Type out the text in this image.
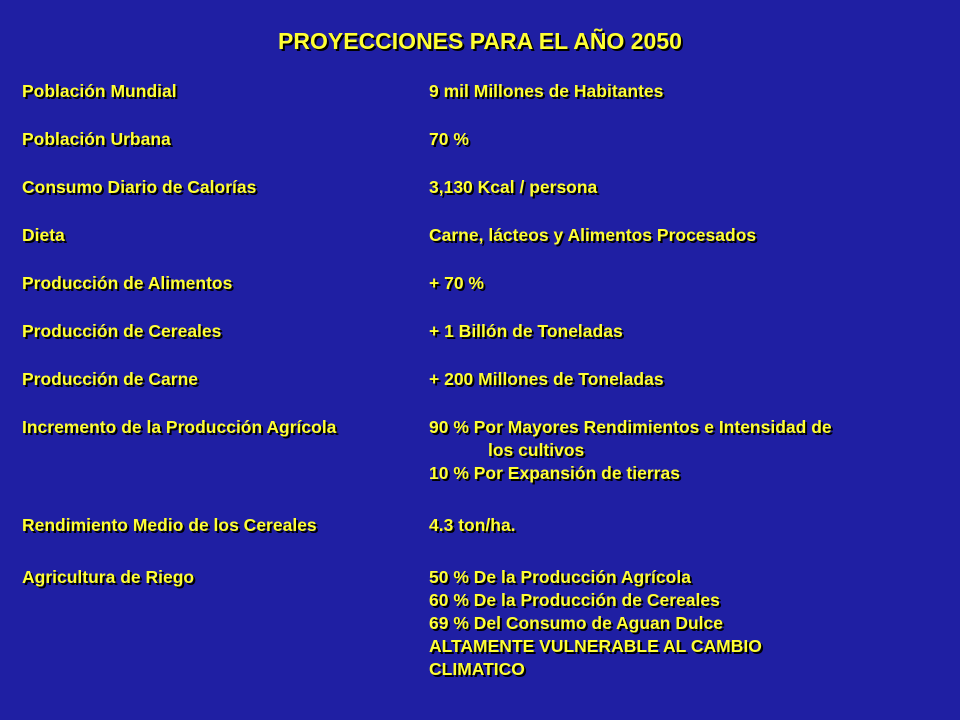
PROYECCIONES PARA EL AÑO 2050
Población Mundial	9 mil Millones de Habitantes
Población Urbana	70 %
Consumo Diario de Calorías	3,130 Kcal / persona
Dieta	Carne, lácteos y Alimentos Procesados
Producción de Alimentos	+ 70 %
Producción de Cereales	+ 1 Billón de Toneladas
Producción de Carne	+ 200 Millones de Toneladas
Incremento de la Producción Agrícola	90 % Por Mayores Rendimientos e Intensidad de
los cultivos
10 % Por Expansión de tierras
Rendimiento Medio de los Cereales	4.3 ton/ha.
Agricultura de Riego	50 % De la Producción Agrícola
60 % De la Producción de Cereales
69 % Del Consumo de Aguan Dulce
ALTAMENTE VULNERABLE AL CAMBIO
CLIMATICO
